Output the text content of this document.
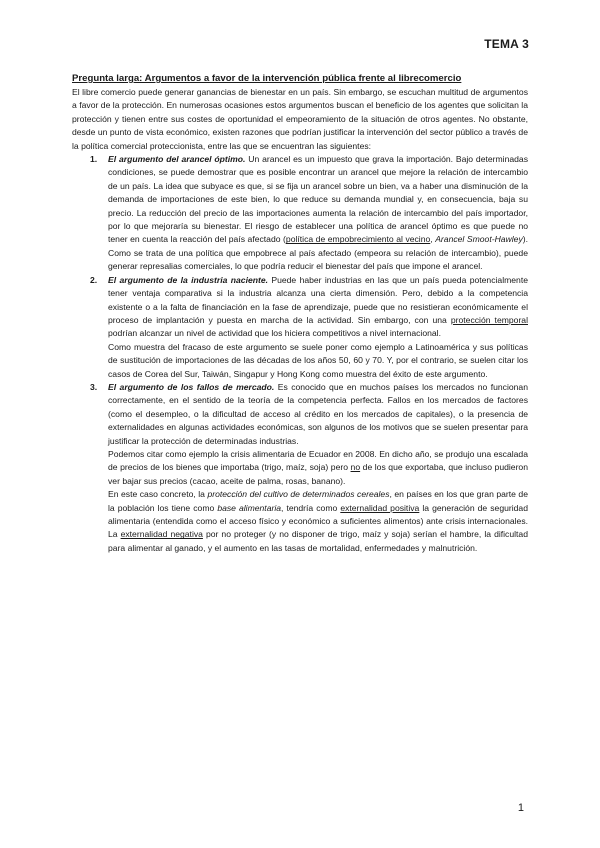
TEMA 3

Pregunta larga: Argumentos a favor de la intervención pública frente al librecomercio

El libre comercio puede generar ganancias de bienestar en un país. Sin embargo, se escuchan multitud de argumentos a favor de la protección. En numerosas ocasiones estos argumentos buscan el beneficio de los agentes que solicitan la protección y tienen entre sus costes de oportunidad el empeoramiento de la situación de otros agentes. No obstante, desde un punto de vista económico, existen razones que podrían justificar la intervención del sector público a través de la política comercial proteccionista, entre las que se encuentran las siguientes:

1. El argumento del arancel óptimo. Un arancel es un impuesto que grava la importación. Bajo determinadas condiciones, se puede demostrar que es posible encontrar un arancel que mejore la relación de intercambio de un país. La idea que subyace es que, si se fija un arancel sobre un bien, va a haber una disminución de la demanda de importaciones de este bien, lo que reduce su demanda mundial y, en consecuencia, baja su precio. La reducción del precio de las importaciones aumenta la relación de intercambio del país importador, por lo que mejoraría su bienestar. El riesgo de establecer una política de arancel óptimo es que puede no tener en cuenta la reacción del país afectado (política de empobrecimiento al vecino, Arancel Smoot-Hawley). Como se trata de una política que empobrece al país afectado (empeora su relación de intercambio), puede generar represalias comerciales, lo que podría reducir el bienestar del país que impone el arancel.
2. El argumento de la industria naciente. Puede haber industrias en las que un país pueda potencialmente tener ventaja comparativa si la industria alcanza una cierta dimensión. Pero, debido a la competencia existente o a la falta de financiación en la fase de aprendizaje, puede que no resistieran económicamente el proceso de implantación y puesta en marcha de la actividad. Sin embargo, con una protección temporal podrían alcanzar un nivel de actividad que los hiciera competitivos a nivel internacional.
Como muestra del fracaso de este argumento se suele poner como ejemplo a Latinoamérica y sus políticas de sustitución de importaciones de las décadas de los años 50, 60 y 70. Y, por el contrario, se suelen citar los casos de Corea del Sur, Taiwán, Singapur y Hong Kong como muestra del éxito de este argumento.
3. El argumento de los fallos de mercado. Es conocido que en muchos países los mercados no funcionan correctamente, en el sentido de la teoría de la competencia perfecta. Fallos en los mercados de factores (como el desempleo, o la dificultad de acceso al crédito en los mercados de capitales), o la presencia de externalidades en algunas actividades económicas, son algunos de los motivos que se suelen presentar para justificar la protección de determinadas industrias.
Podemos citar como ejemplo la crisis alimentaria de Ecuador en 2008. En dicho año, se produjo una escalada de precios de los bienes que importaba (trigo, maíz, soja) pero no de los que exportaba, que incluso pudieron ver bajar sus precios (cacao, aceite de palma, rosas, banano).
En este caso concreto, la protección del cultivo de determinados cereales, en países en los que gran parte de la población los tiene como base alimentaria, tendría como externalidad positiva la generación de seguridad alimentaria (entendida como el acceso físico y económico a suficientes alimentos) ante crisis internacionales. La externalidad negativa por no proteger (y no disponer de trigo, maíz y soja) serían el hambre, la dificultad para alimentar al ganado, y el aumento en las tasas de mortalidad, enfermedades y malnutrición.
1
